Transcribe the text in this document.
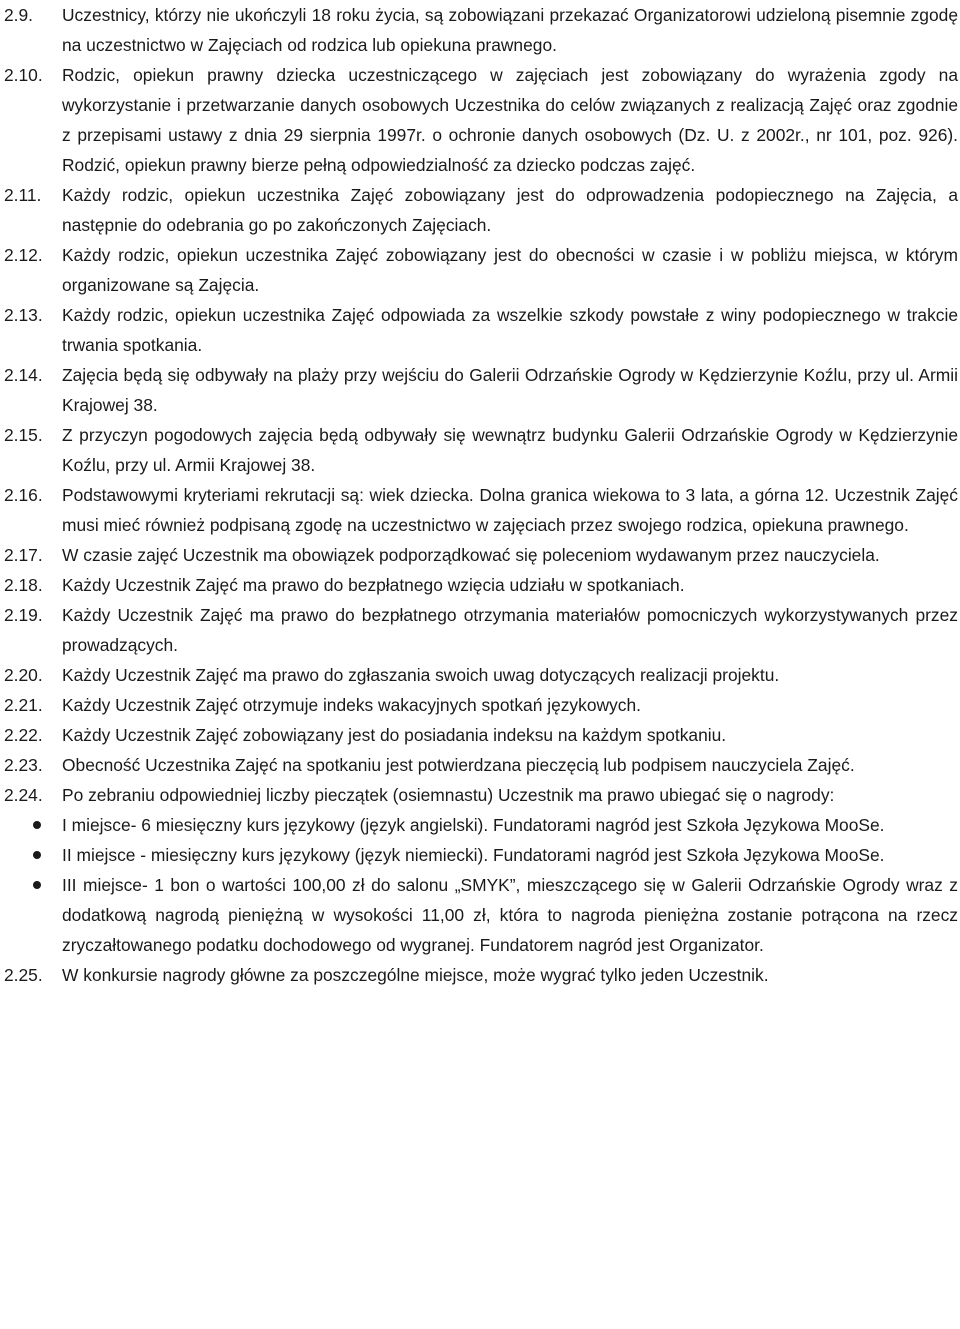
2.9.	Uczestnicy, którzy nie ukończyli 18 roku życia, są zobowiązani przekazać Organizatorowi udzieloną pisemnie zgodę na uczestnictwo w Zajęciach od rodzica lub opiekuna prawnego.
2.10.	Rodzic, opiekun prawny dziecka uczestniczącego w zajęciach jest zobowiązany do wyrażenia zgody na wykorzystanie i przetwarzanie danych osobowych Uczestnika do celów związanych z realizacją Zajęć oraz zgodnie z przepisami ustawy z dnia 29 sierpnia 1997r. o ochronie danych osobowych (Dz. U. z 2002r., nr 101, poz. 926). Rodzić, opiekun prawny bierze pełną odpowiedzialność za dziecko podczas zajęć.
2.11.	Każdy rodzic, opiekun uczestnika Zajęć zobowiązany jest do odprowadzenia podopiecznego na Zajęcia, a następnie do odebrania go po zakończonych Zajęciach.
2.12.	Każdy rodzic, opiekun uczestnika Zajęć zobowiązany jest do obecności w czasie i w pobliżu miejsca, w którym organizowane są Zajęcia.
2.13.	Każdy rodzic, opiekun uczestnika Zajęć odpowiada za wszelkie szkody powstałe z winy podopiecznego w trakcie trwania spotkania.
2.14.	Zajęcia będą się odbywały na plaży przy wejściu do Galerii Odrzańskie Ogrody w Kędzierzynie Koźlu, przy ul. Armii Krajowej 38.
2.15.	Z przyczyn pogodowych zajęcia będą odbywały się wewnątrz budynku Galerii Odrzańskie Ogrody w Kędzierzynie Koźlu, przy ul. Armii Krajowej 38.
2.16.	Podstawowymi kryteriami rekrutacji są: wiek dziecka. Dolna granica wiekowa to 3 lata, a górna 12. Uczestnik Zajęć musi mieć również podpisaną zgodę na uczestnictwo w zajęciach przez swojego rodzica, opiekuna prawnego.
2.17.	W czasie zajęć Uczestnik ma obowiązek podporządkować się poleceniom wydawanym przez nauczyciela.
2.18.	Każdy Uczestnik Zajęć ma prawo do bezpłatnego wzięcia udziału w spotkaniach.
2.19.	Każdy Uczestnik Zajęć ma prawo do bezpłatnego otrzymania materiałów pomocniczych wykorzystywanych przez prowadzących.
2.20.	Każdy Uczestnik Zajęć ma prawo do zgłaszania swoich uwag dotyczących realizacji projektu.
2.21.	Każdy Uczestnik Zajęć otrzymuje indeks wakacyjnych spotkań językowych.
2.22.	Każdy Uczestnik Zajęć zobowiązany jest do posiadania indeksu na każdym spotkaniu.
2.23.	Obecność Uczestnika Zajęć na spotkaniu jest potwierdzana pieczęcią lub podpisem nauczyciela Zajęć.
2.24.	Po zebraniu odpowiedniej liczby pieczątek (osiemnastu) Uczestnik ma prawo ubiegać się o nagrody:
I miejsce- 6 miesięczny kurs językowy (język angielski). Fundatorami nagród jest Szkoła Językowa MooSe.
II miejsce - miesięczny kurs językowy (język niemiecki). Fundatorami nagród jest Szkoła Językowa MooSe.
III miejsce- 1 bon o wartości 100,00 zł do salonu „SMYK”, mieszczącego się w Galerii Odrzańskie Ogrody wraz z dodatkową nagrodą pieniężną w wysokości 11,00 zł, która to nagroda pieniężna zostanie potrącona na rzecz zryczałtowanego podatku dochodowego od wygranej. Fundatorem nagród jest Organizator.
2.25.	W konkursie nagrody główne za poszczególne miejsce, może wygrać tylko jeden Uczestnik.
